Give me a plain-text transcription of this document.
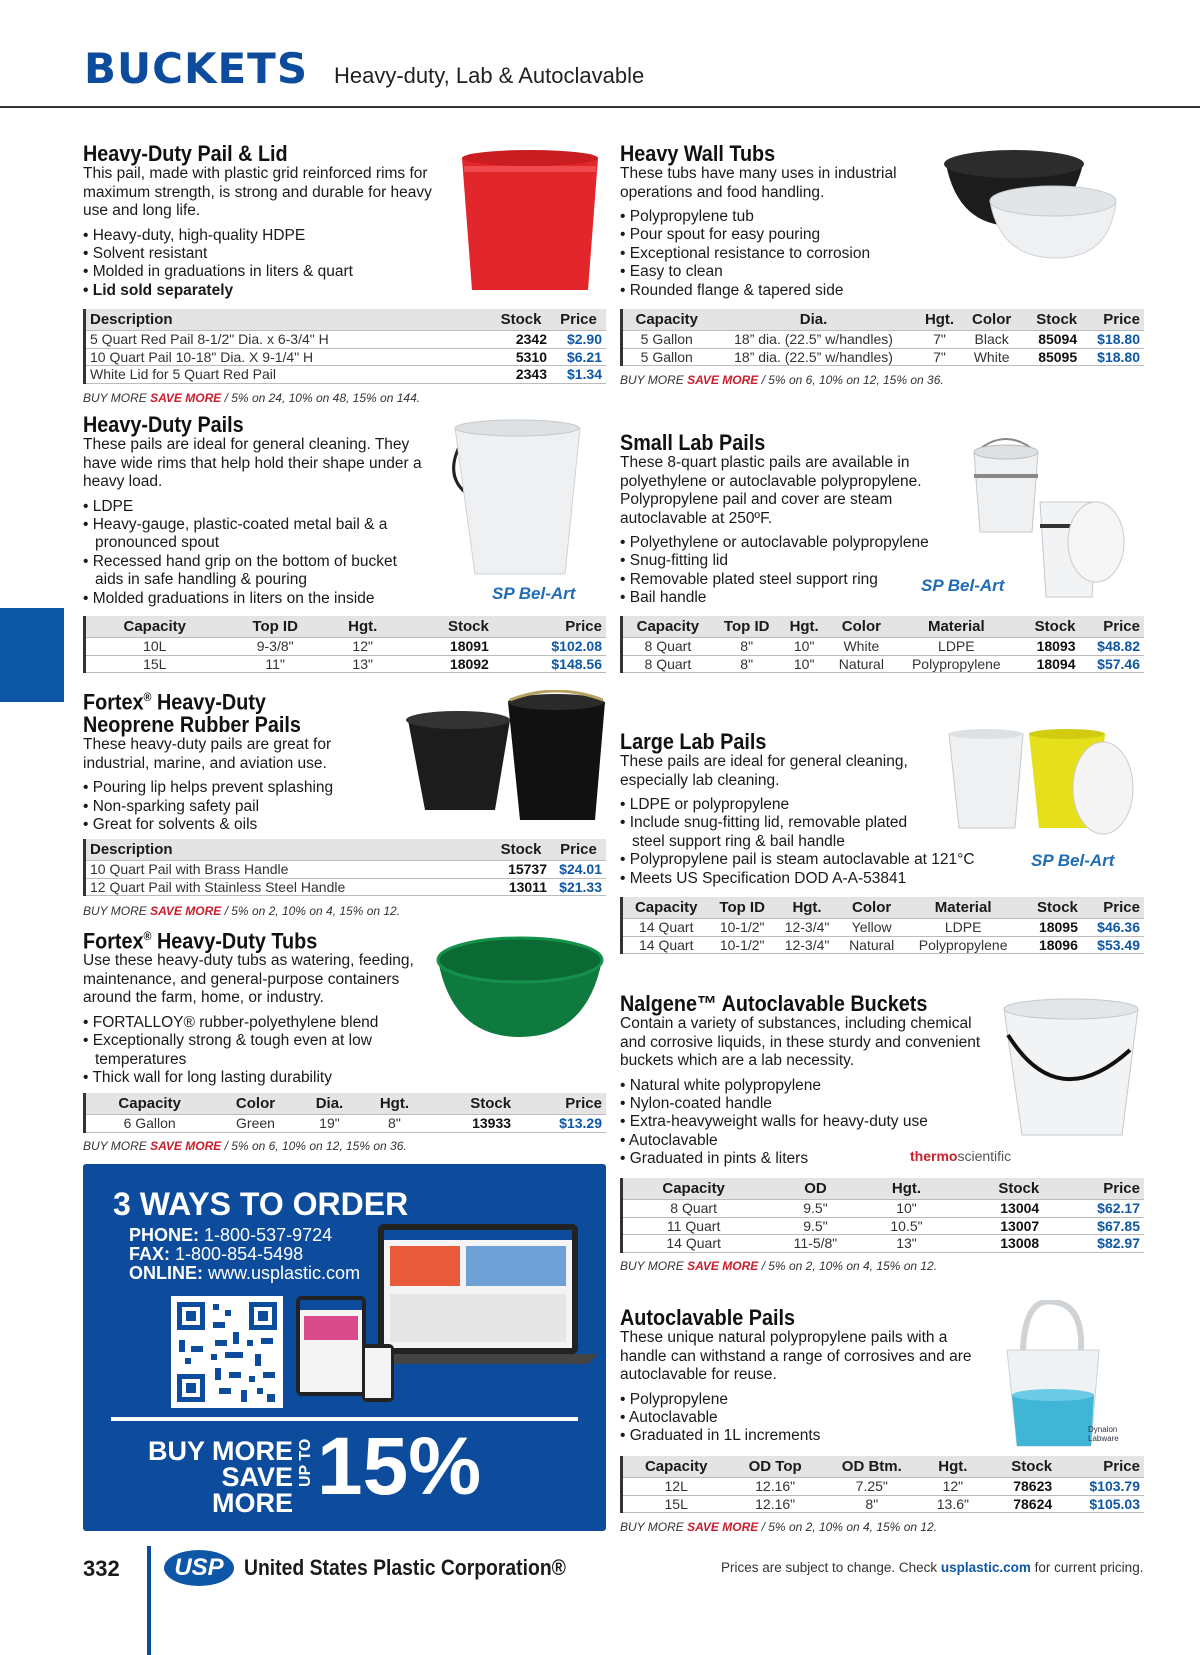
BUCKETS Heavy-duty, Lab & Autoclavable
Heavy-Duty Pail & Lid

This pail, made with plastic grid reinforced rims for maximum strength, is strong and durable for heavy use and long life.

• Heavy-duty, high-quality HDPE
• Solvent resistant
• Molded in graduations in liters & quart
• Lid sold separately
Description	Stock	Price
5 Quart Red Pail 8-1/2" Dia. x 6-3/4" H	2342	$2.90
10 Quart Pail 10-18" Dia. X 9-1/4" H	5310	$6.21
White Lid for 5 Quart Red Pail	2343	$1.34
BUY MORE SAVE MORE / 5% on 24, 10% on 48, 15% on 144.
Heavy-Duty Pails

These pails are ideal for general cleaning. They have wide rims that help hold their shape under a heavy load.

• LDPE
• Heavy-gauge, plastic-coated metal bail & a pronounced spout
• Recessed hand grip on the bottom of bucket aids in safe handling & pouring
• Molded graduations in liters on the inside	SP Bel-Art
Capacity	Top ID	Hgt.	Stock	Price
10L	9-3/8"	12"	18091	$102.08
15L	11"	13"	18092	$148.56
Fortex® Heavy-Duty Neoprene Rubber Pails

These heavy-duty pails are great for industrial, marine, and aviation use.

• Pouring lip helps prevent splashing
• Non-sparking safety pail
• Great for solvents & oils
Description	Stock	Price
10 Quart Pail with Brass Handle	15737	$24.01
12 Quart Pail with Stainless Steel Handle	13011	$21.33
BUY MORE SAVE MORE / 5% on 2, 10% on 4, 15% on 12.
Fortex® Heavy-Duty Tubs

Use these heavy-duty tubs as watering, feeding, maintenance, and general-purpose containers around the farm, home, or industry.

• FORTALLOY® rubber-polyethylene blend
• Exceptionally strong & tough even at low temperatures
• Thick wall for long lasting durability
Capacity	Color	Dia.	Hgt.	Stock	Price
6 Gallon	Green	19"	8"	13933	$13.29
BUY MORE SAVE MORE / 5% on 6, 10% on 12, 15% on 36.
3 WAYS TO ORDER
PHONE: 1-800-537-9724
FAX: 1-800-854-5498
ONLINE: www.usplastic.com
BUY MORE
SAVE MORE
UP TO 15%
Heavy Wall Tubs

These tubs have many uses in industrial operations and food handling.

• Polypropylene tub
• Pour spout for easy pouring
• Exceptional resistance to corrosion
• Easy to clean
• Rounded flange & tapered side
Capacity	Dia.	Hgt.	Color	Stock	Price
5 Gallon	18” dia. (22.5” w/handles)	7"	Black	85094	$18.80
5 Gallon	18” dia. (22.5” w/handles)	7"	White	85095	$18.80
BUY MORE SAVE MORE / 5% on 6, 10% on 12, 15% on 36.
Small Lab Pails

These 8-quart plastic pails are available in polyethylene or autoclavable polypropylene. Polypropylene pail and cover are steam autoclavable at 250ºF.

• Polyethylene or autoclavable polypropylene
• Snug-fitting lid
• Removable plated steel support ring
• Bail handle
SP Bel-Art
Capacity	Top ID	Hgt.	Color	Material	Stock	Price
8 Quart	8"	10"	White	LDPE	18093	$48.82
8 Quart	8"	10"	Natural	Polypropylene	18094	$57.46
Large Lab Pails

These pails are ideal for general cleaning, especially lab cleaning.

• LDPE or polypropylene
• Include snug-fitting lid, removable plated steel support ring & bail handle
• Polypropylene pail is steam autoclavable at 121°C
• Meets US Specification DOD A-A-53841
SP Bel-Art
Capacity	Top ID	Hgt.	Color	Material	Stock	Price
14 Quart	10-1/2"	12-3/4"	Yellow	LDPE	18095	$46.36
14 Quart	10-1/2"	12-3/4"	Natural	Polypropylene	18096	$53.49
Nalgene™ Autoclavable Buckets

Contain a variety of substances, including chemical and corrosive liquids, in these sturdy and convenient buckets which are a lab necessity.

• Natural white polypropylene
• Nylon-coated handle
• Extra-heavyweight walls for heavy-duty use
• Autoclavable
• Graduated in pints & liters	thermoscientific
Capacity	OD	Hgt.	Stock	Price
8 Quart	9.5"	10"	13004	$62.17
11 Quart	9.5"	10.5"	13007	$67.85
14 Quart	11-5/8"	13"	13008	$82.97
BUY MORE SAVE MORE / 5% on 2, 10% on 4, 15% on 12.
Autoclavable Pails

These unique natural polypropylene pails with a handle can withstand a range of corrosives and are autoclavable for reuse.

• Polypropylene
• Autoclavable
• Graduated in 1L increments	Dynalon
Labware
Capacity	OD Top	OD Btm.	Hgt.	Stock	Price
12L	12.16"	7.25"	12"	78623	$103.79
15L	12.16"	8"	13.6"	78624	$105.03
BUY MORE SAVE MORE / 5% on 2, 10% on 4, 15% on 12.
332	USP United States Plastic Corporation®	Prices are subject to change. Check usplastic.com for current pricing.
